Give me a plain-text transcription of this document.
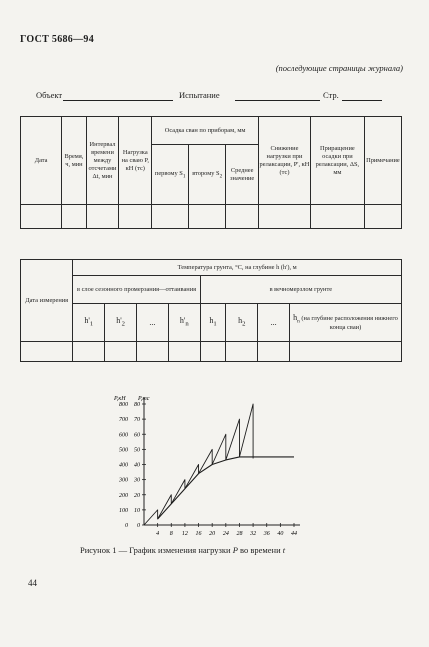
ГОСТ 5686—94
(последующие страницы журнала)
Объект	Испытание	Стр.
Дата	Время, ч, мин	Интервал времени между отсчетами Δt, мин	Нагрузка на сваю P, кН (тс)	Осадка сван по приборам, мм			Снижение нагрузки при релаксации, P', кН (тс)	Приращение осадки при релаксации, ΔS, мм	Примечание
				первому $S_1$	второму $S_2$	Среднее значение			

Дата измерения	Температура грунта, °C, на глубине h (h'), м							
	в слое сезонного промерзания—оттаивания				в вечномерзлом грунте			
	$h'_1$	$h'_2$	...	$h'_n$	$h_1$	$h_2$	...	$h_n$ (на глубине расположения нижнего конца сваи)

P,кН P,тс
0 0
100 10
200 20
300 30
400 40
500 50
600 60
700 70
800 80
4 8 12 16 20 24 28 32 36 40 44
Рисунок 1 — График изменения нагрузки P во времени t
44
